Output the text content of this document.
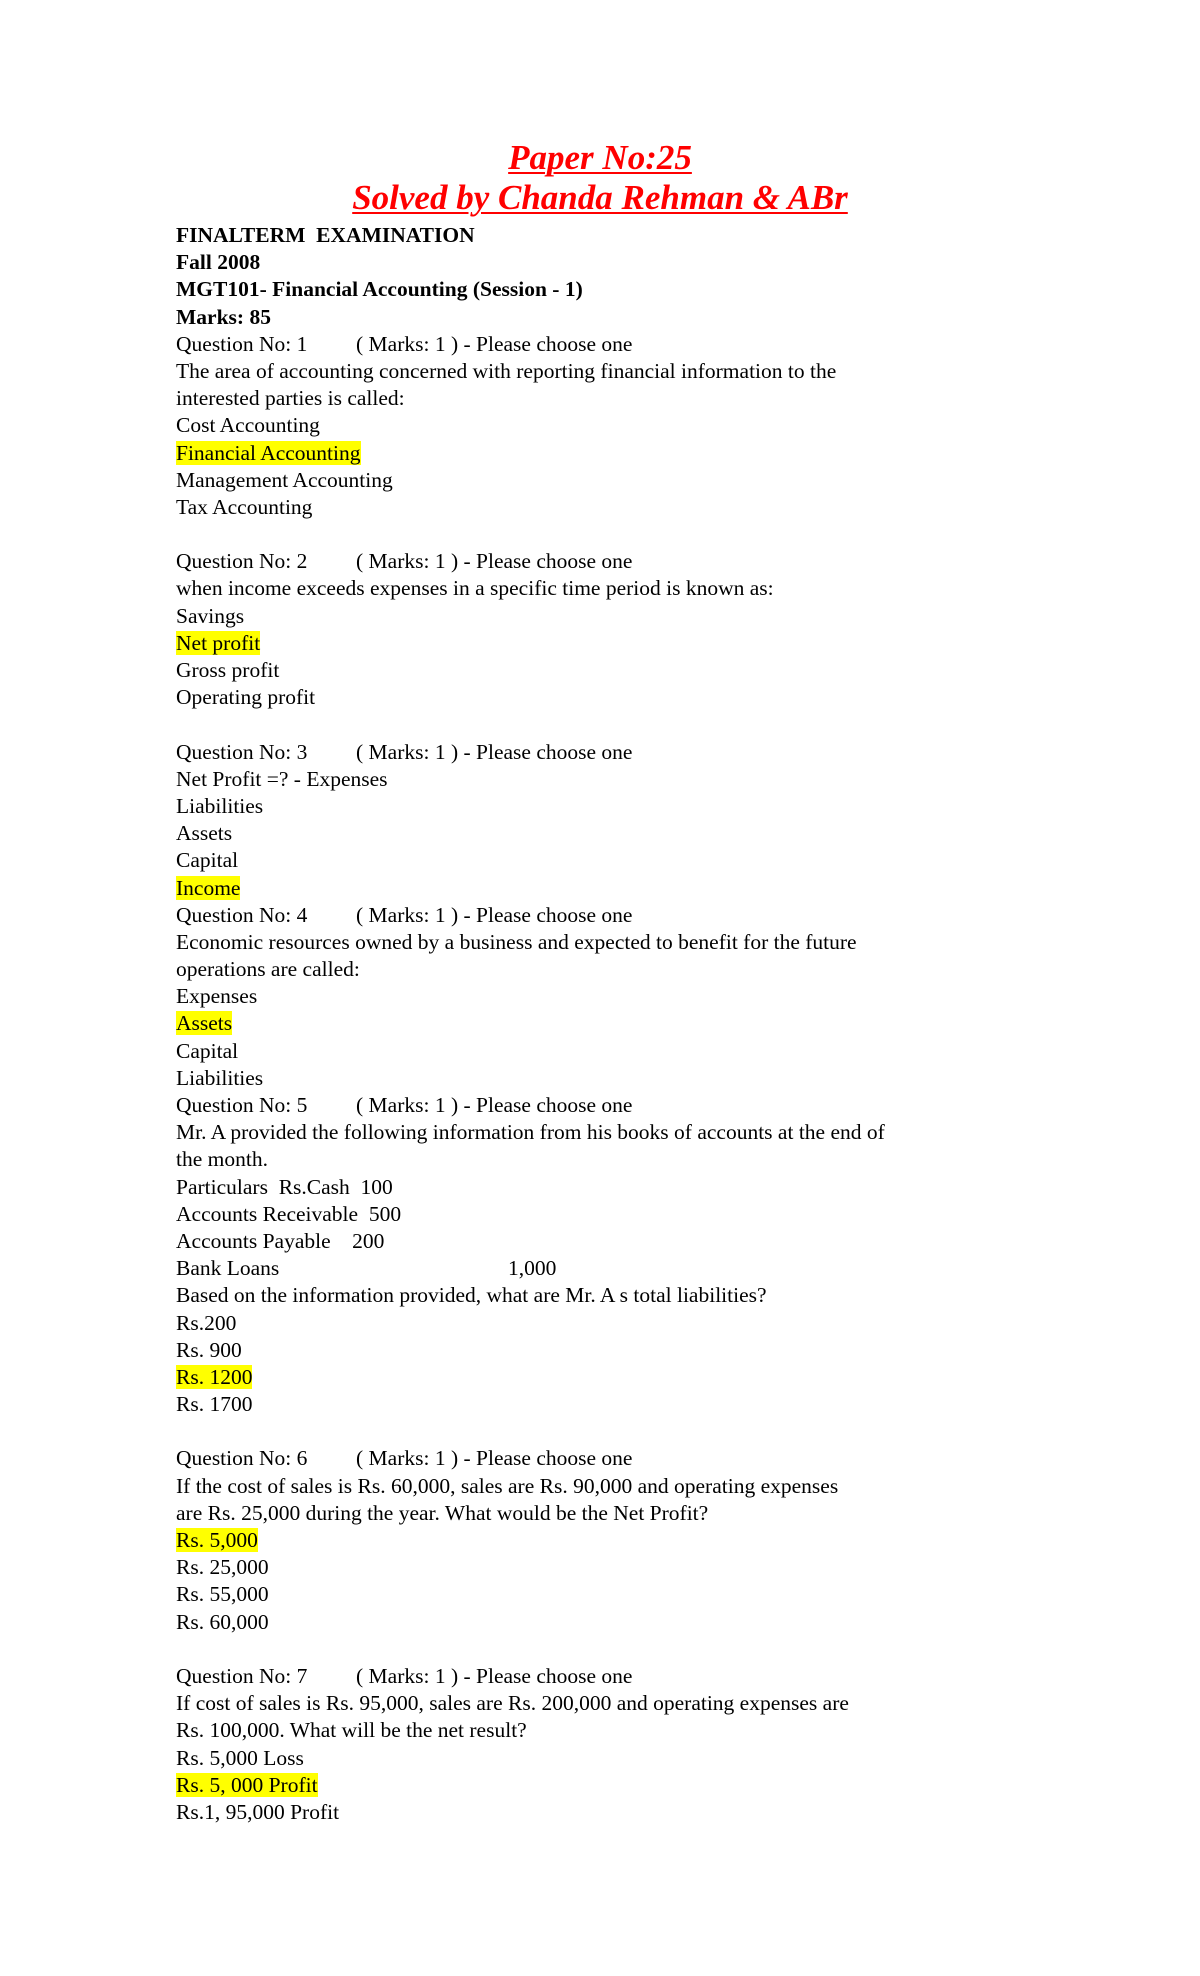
Paper No:25
Solved by Chanda Rehman & ABr
FINALTERM  EXAMINATION
Fall 2008
MGT101- Financial Accounting (Session - 1)
Marks: 85
Question No: 1 ( Marks: 1 ) - Please choose one
The area of accounting concerned with reporting financial information to the
interested parties is called:
Cost Accounting
Financial Accounting
Management Accounting
Tax Accounting
Question No: 2 ( Marks: 1 ) - Please choose one
when income exceeds expenses in a specific time period is known as:
Savings
Net profit
Gross profit
Operating profit
Question No: 3 ( Marks: 1 ) - Please choose one
Net Profit =? - Expenses
Liabilities
Assets
Capital
Income
Question No: 4 ( Marks: 1 ) - Please choose one
Economic resources owned by a business and expected to benefit for the future
operations are called:
Expenses
Assets
Capital
Liabilities
Question No: 5 ( Marks: 1 ) - Please choose one
Mr. A provided the following information from his books of accounts at the end of
the month.
Particulars Rs.Cash  100
Accounts Receivable  500
Accounts Payable    200
Bank Loans	1,000
Based on the information provided, what are Mr. A s total liabilities?
Rs.200
Rs. 900
Rs. 1200
Rs. 1700
Question No: 6 ( Marks: 1 ) - Please choose one
If the cost of sales is Rs. 60,000, sales are Rs. 90,000 and operating expenses
are Rs. 25,000 during the year. What would be the Net Profit?
Rs. 5,000
Rs. 25,000
Rs. 55,000
Rs. 60,000
Question No: 7 ( Marks: 1 ) - Please choose one
If cost of sales is Rs. 95,000, sales are Rs. 200,000 and operating expenses are
Rs. 100,000. What will be the net result?
Rs. 5,000 Loss
Rs. 5, 000 Profit
Rs.1, 95,000 Profit
